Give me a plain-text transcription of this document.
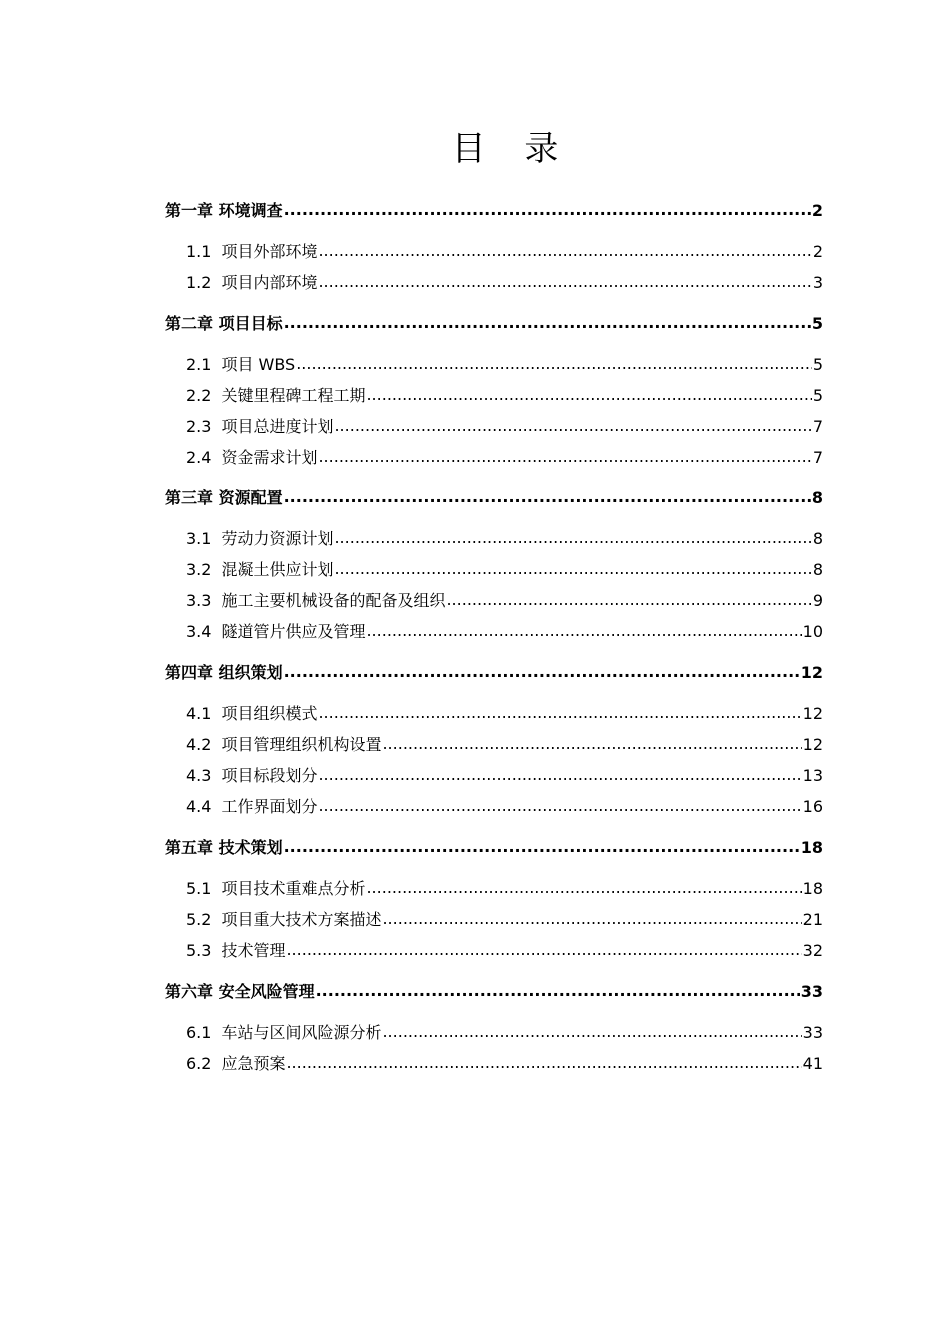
目 录
第一章 环境调查 .....	2
1.1 项目外部环境 .....	2
1.2 项目内部环境 .....	3
第二章 项目目标 .....	5
2.1 项目 WBS .....	5
2.2 关键里程碑工程工期 .....	5
2.3 项目总进度计划 .....	7
2.4 资金需求计划 .....	7
第三章 资源配置 .....	8
3.1 劳动力资源计划 .....	8
3.2 混凝土供应计划 .....	8
3.3 施工主要机械设备的配备及组织 .....	9
3.4 隧道管片供应及管理 .....	10
第四章 组织策划 .....	12
4.1 项目组织模式 .....	12
4.2 项目管理组织机构设置 .....	12
4.3 项目标段划分 .....	13
4.4 工作界面划分 .....	16
第五章 技术策划 .....	18
5.1 项目技术重难点分析 .....	18
5.2 项目重大技术方案描述 .....	21
5.3 技术管理 .....	32
第六章 安全风险管理 .....	33
6.1 车站与区间风险源分析 .....	33
6.2 应急预案 .....	41
